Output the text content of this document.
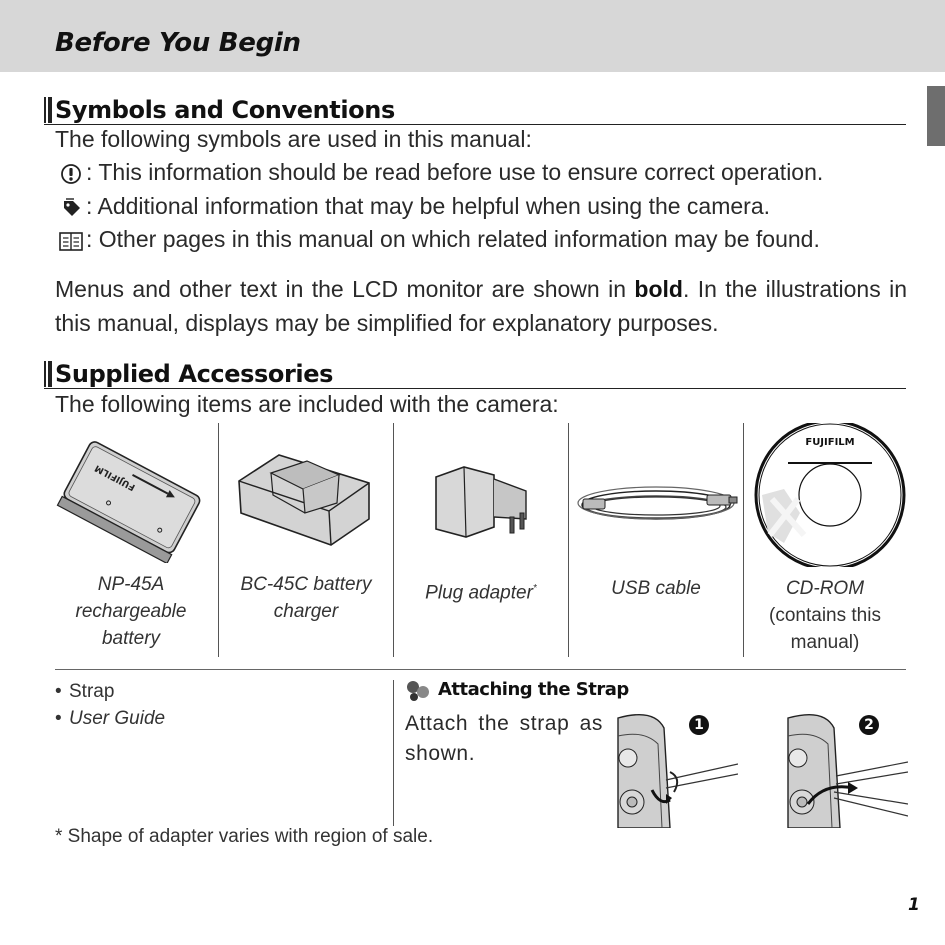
Before You Begin
Symbols and Conventions
The following symbols are used in this manual:
: This information should be read before use to ensure correct operation.
: Additional information that may be helpful when using the camera.
: Other pages in this manual on which related information may be found.
Menus and other text in the LCD monitor are shown in bold. In the illustrations in this manual, displays may be simplified for explanatory purposes.
Supplied Accessories
The following items are included with the camera:
FUJIFILM
NP-45A rechargeable battery
BC-45C battery charger
Plug adapter*	USB cable
FUJIFILM
CD-ROM
(contains this manual)
• Strap
• User Guide
Attaching the Strap
Attach the strap as shown.
1	2
* Shape of adapter varies with region of sale.
1
